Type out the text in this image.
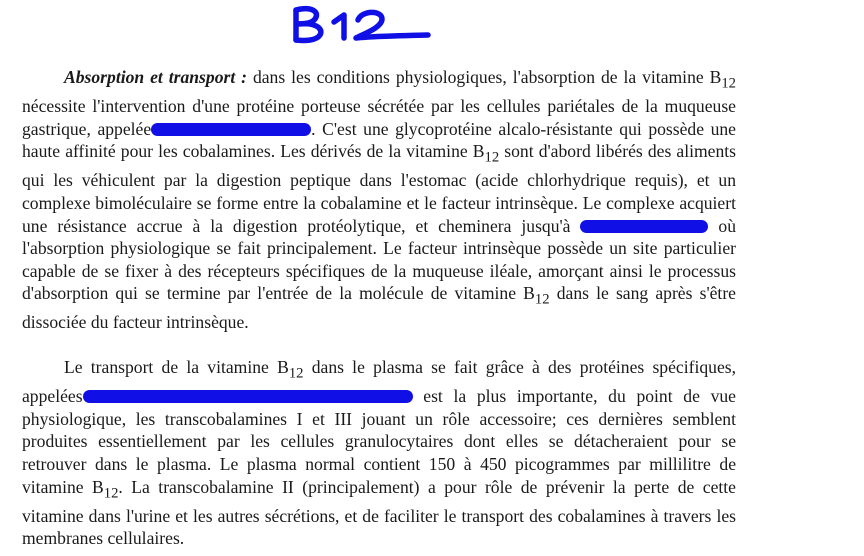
Absorption et transport : dans les conditions physiologiques, l'absorption de la vitamine $B_{12}$ nécessite l'intervention d'une protéine porteuse sécrétée par les cellules pariétales de la muqueuse gastrique, appelée	. C'est une glycoprotéine alcalo-résistante qui possède une haute affinité pour les cobalamines. Les dérivés de la vitamine $B_{12}$ sont d'abord libérés des aliments qui les véhiculent par la digestion peptique dans l'estomac (acide chlorhydrique requis), et un complexe bimoléculaire se forme entre la cobalamine et le facteur intrinsèque. Le complexe acquiert une résistance accrue à la digestion protéolytique, et cheminera jusqu'à	où l'absorption physiologique se fait principalement. Le facteur intrinsèque possède un site particulier capable de se fixer à des récepteurs spécifiques de la muqueuse iléale, amorçant ainsi le processus d'absorption qui se termine par l'entrée de la molécule de vitamine $B_{12}$ dans le sang après s'être dissociée du facteur intrinsèque.

Le transport de la vitamine $B_{12}$ dans le plasma se fait grâce à des protéines spécifiques, appelées	est la plus importante, du point de vue physiologique, les transcobalamines I et III jouant un rôle accessoire; ces dernières semblent produites essentiellement par les cellules granulocytaires dont elles se détacheraient pour se retrouver dans le plasma. Le plasma normal contient 150 à 450 picogrammes par millilitre de vitamine $B_{12}$. La transcobalamine II (principalement) a pour rôle de prévenir la perte de cette vitamine dans l'urine et les autres sécrétions, et de faciliter le transport des cobalamines à travers les membranes cellulaires.
